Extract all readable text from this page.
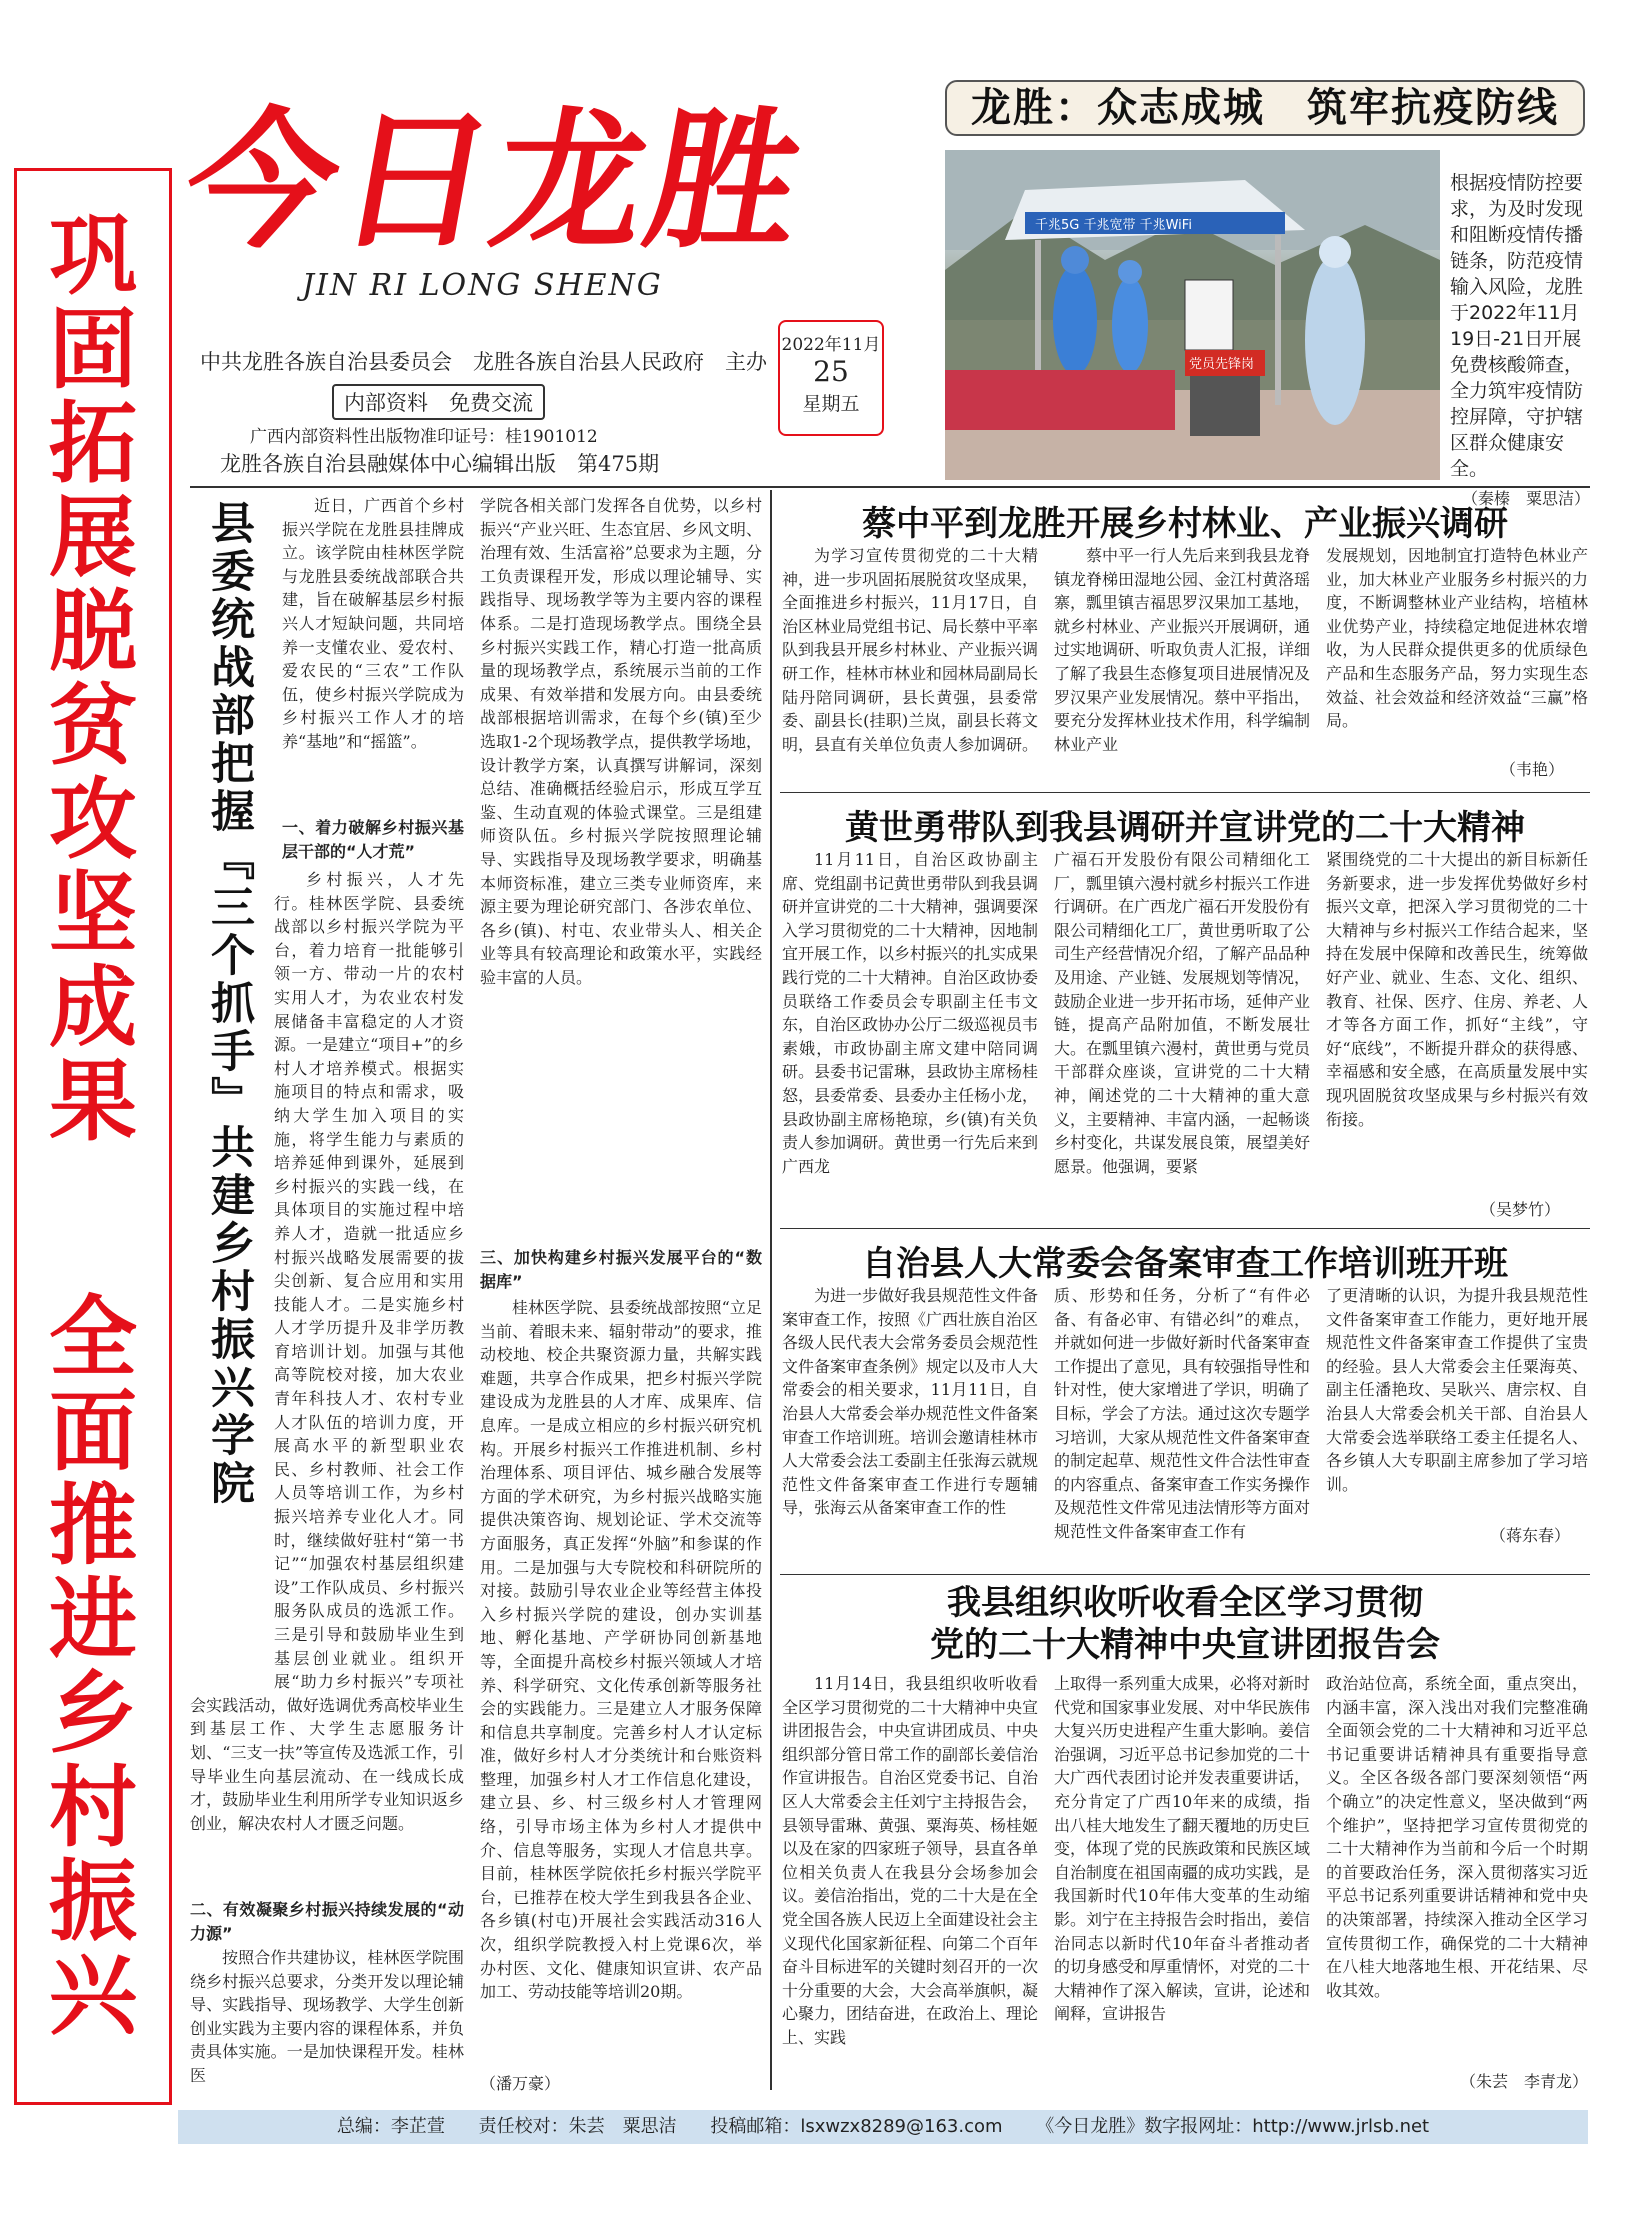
巩固拓展脱贫攻坚成果
全面推进乡村振兴
今日龙胜
JIN RI LONG SHENG
中共龙胜各族自治县委员会　龙胜各族自治县人民政府　主办
内部资料　免费交流
广西内部资料性出版物准印证号：桂1901012
龙胜各族自治县融媒体中心编辑出版　第475期
2022年11月
25
星期五
龙胜：众志成城　筑牢抗疫防线
千兆5G 千兆宽带 千兆WiFi
党员先锋岗
根据疫情防控要求，为及时发现和阻断疫情传播链条，防范疫情输入风险，龙胜于2022年11月19日-21日开展免费核酸筛查，全力筑牢疫情防控屏障，守护辖区群众健康安全。
（秦榛　粟思洁）
县委统战部把握『三个抓手』共建乡村振兴学院	近日，广西首个乡村振兴学院在龙胜县挂牌成立。该学院由桂林医学院与龙胜县委统战部联合共建，旨在破解基层乡村振兴人才短缺问题，共同培养一支懂农业、爱农村、爱农民的“三农”工作队伍，使乡村振兴学院成为乡村振兴工作人才的培养“基地”和“摇篮”。
一、着力破解乡村振兴基层干部的“人才荒”
乡村振兴，人才先行。桂林医学院、县委统战部以乡村振兴学院为平台，着力培育一批能够引领一方、带动一片的农村实用人才，为农业农村发展储备丰富稳定的人才资源。一是建立“项目+”的乡村人才培养模式。根据实施项目的特点和需求，吸纳大学生加入项目的实施，将学生能力与素质的培养延伸到课外，延展到乡村振兴的实践一线，在具体项目的实施过程中培养人才，造就一批适应乡村振兴战略发展需要的拔尖创新、复合应用和实用技能人才。二是实施乡村人才学历提升及非学历教育培训计划。加强与其他高等院校对接，加大农业青年科技人才、农村专业人才队伍的培训力度，开展高水平的新型职业农民、乡村教师、社会工作人员等培训工作，为乡村振兴培养专业化人才。同时，继续做好驻村“第一书记”“加强农村基层组织建设”工作队成员、乡村振兴服务队成员的选派工作。三是引导和鼓励毕业生到基层创业就业。组织开展“助力乡村振兴”专项社会实践活动，做好选调优秀高校毕业生到基层工作、大学生志愿服务计划、“三支一扶”等宣传及选派工作，引导毕业生向基层流动、在一线成长成才，鼓励毕业生利用所学专业知识返乡创业，解决农村人才匮乏问题。
二、有效凝聚乡村振兴持续发展的“动力源”
按照合作共建协议，桂林医学院围绕乡村振兴总要求，分类开发以理论辅导、实践指导、现场教学、大学生创新创业实践为主要内容的课程体系，并负责具体实施。一是加快课程开发。桂林医
学院各相关部门发挥各自优势，以乡村振兴“产业兴旺、生态宜居、乡风文明、治理有效、生活富裕”总要求为主题，分工负责课程开发，形成以理论辅导、实践指导、现场教学等为主要内容的课程体系。二是打造现场教学点。围绕全县乡村振兴实践工作，精心打造一批高质量的现场教学点，系统展示当前的工作成果、有效举措和发展方向。由县委统战部根据培训需求，在每个乡(镇)至少选取1-2个现场教学点，提供教学场地，设计教学方案，认真撰写讲解词，深刻总结、准确概括经验启示，形成互学互鉴、生动直观的体验式课堂。三是组建师资队伍。乡村振兴学院按照理论辅导、实践指导及现场教学要求，明确基本师资标准，建立三类专业师资库，来源主要为理论研究部门、各涉农单位、各乡(镇)、村屯、农业带头人、相关企业等具有较高理论和政策水平，实践经验丰富的人员。
三、加快构建乡村振兴发展平台的“数据库”
桂林医学院、县委统战部按照“立足当前、着眼未来、辐射带动”的要求，推动校地、校企共聚资源力量，共解实践难题，共享合作成果，把乡村振兴学院建设成为龙胜县的人才库、成果库、信息库。一是成立相应的乡村振兴研究机构。开展乡村振兴工作推进机制、乡村治理体系、项目评估、城乡融合发展等方面的学术研究，为乡村振兴战略实施提供决策咨询、规划论证、学术交流等方面服务，真正发挥“外脑”和参谋的作用。二是加强与大专院校和科研院所的对接。鼓励引导农业企业等经营主体投入乡村振兴学院的建设，创办实训基地、孵化基地、产学研协同创新基地等，全面提升高校乡村振兴领域人才培养、科学研究、文化传承创新等服务社会的实践能力。三是建立人才服务保障和信息共享制度。完善乡村人才认定标准，做好乡村人才分类统计和台账资料整理，加强乡村人才工作信息化建设，建立县、乡、村三级乡村人才管理网络，引导市场主体为乡村人才提供中介、信息等服务，实现人才信息共享。目前，桂林医学院依托乡村振兴学院平台，已推荐在校大学生到我县各企业、各乡镇(村屯)开展社会实践活动316人次，组织学院教授入村上党课6次，举办村医、文化、健康知识宣讲、农产品加工、劳动技能等培训20期。
（潘万豪）
蔡中平到龙胜开展乡村林业、产业振兴调研
为学习宣传贯彻党的二十大精神，进一步巩固拓展脱贫攻坚成果，全面推进乡村振兴，11月17日，自治区林业局党组书记、局长蔡中平率队到我县开展乡村林业、产业振兴调研工作，桂林市林业和园林局副局长陆丹陪同调研，县长黄强，县委常委、副县长(挂职)兰岚，副县长蒋文明，县直有关单位负责人参加调研。
蔡中平一行人先后来到我县龙脊镇龙脊梯田湿地公园、金江村黄洛瑶寨，瓢里镇吉福思罗汉果加工基地，就乡村林业、产业振兴开展调研，通过实地调研、听取负责人汇报，详细了解了我县生态修复项目进展情况及罗汉果产业发展情况。蔡中平指出，要充分发挥林业技术作用，科学编制林业产业
发展规划，因地制宜打造特色林业产业，加大林业产业服务乡村振兴的力度，不断调整林业产业结构，培植林业优势产业，持续稳定地促进林农增收，为人民群众提供更多的优质绿色产品和生态服务产品，努力实现生态效益、社会效益和经济效益“三赢”格局。
（韦艳）
黄世勇带队到我县调研并宣讲党的二十大精神
11月11日，自治区政协副主席、党组副书记黄世勇带队到我县调研并宣讲党的二十大精神，强调要深入学习贯彻党的二十大精神，因地制宜开展工作，以乡村振兴的扎实成果践行党的二十大精神。自治区政协委员联络工作委员会专职副主任韦文东，自治区政协办公厅二级巡视员韦素娥，市政协副主席文建中陪同调研。县委书记雷琳，县政协主席杨桂怒，县委常委、县委办主任杨小龙，县政协副主席杨艳琼，乡(镇)有关负责人参加调研。黄世勇一行先后来到广西龙
广福石开发股份有限公司精细化工厂，瓢里镇六漫村就乡村振兴工作进行调研。在广西龙广福石开发股份有限公司精细化工厂，黄世勇听取了公司生产经营情况介绍，了解产品品种及用途、产业链、发展规划等情况，鼓励企业进一步开拓市场，延伸产业链，提高产品附加值，不断发展壮大。在瓢里镇六漫村，黄世勇与党员干部群众座谈，宣讲党的二十大精神，阐述党的二十大精神的重大意义，主要精神、丰富内涵，一起畅谈乡村变化，共谋发展良策，展望美好愿景。他强调，要紧
紧围绕党的二十大提出的新目标新任务新要求，进一步发挥优势做好乡村振兴文章，把深入学习贯彻党的二十大精神与乡村振兴工作结合起来，坚持在发展中保障和改善民生，统筹做好产业、就业、生态、文化、组织、教育、社保、医疗、住房、养老、人才等各方面工作，抓好“主线”，守好“底线”，不断提升群众的获得感、幸福感和安全感，在高质量发展中实现巩固脱贫攻坚成果与乡村振兴有效衔接。
（吴梦竹）
自治县人大常委会备案审查工作培训班开班
为进一步做好我县规范性文件备案审查工作，按照《广西壮族自治区各级人民代表大会常务委员会规范性文件备案审查条例》规定以及市人大常委会的相关要求，11月11日，自治县人大常委会举办规范性文件备案审查工作培训班。培训会邀请桂林市人大常委会法工委副主任张海云就规范性文件备案审查工作进行专题辅导，张海云从备案审查工作的性
质、形势和任务，分析了“有件必备、有备必审、有错必纠”的难点，并就如何进一步做好新时代备案审查工作提出了意见，具有较强指导性和针对性，使大家增进了学识，明确了目标，学会了方法。通过这次专题学习培训，大家从规范性文件备案审查的制定起草、规范性文件合法性审查的内容重点、备案审查工作实务操作及规范性文件常见违法情形等方面对规范性文件备案审查工作有
了更清晰的认识，为提升我县规范性文件备案审查工作能力，更好地开展规范性文件备案审查工作提供了宝贵的经验。县人大常委会主任粟海英、副主任潘艳玫、吴耿兴、唐宗权、自治县人大常委会机关干部、自治县人大常委会选举联络工委主任提名人、各乡镇人大专职副主席参加了学习培训。
（蒋东春）
我县组织收听收看全区学习贯彻
党的二十大精神中央宣讲团报告会
11月14日，我县组织收听收看全区学习贯彻党的二十大精神中央宣讲团报告会，中央宣讲团成员、中央组织部分管日常工作的副部长姜信治作宣讲报告。自治区党委书记、自治区人大常委会主任刘宁主持报告会，县领导雷琳、黄强、粟海英、杨桂姬以及在家的四家班子领导，县直各单位相关负责人在我县分会场参加会议。姜信治指出，党的二十大是在全党全国各族人民迈上全面建设社会主义现代化国家新征程、向第二个百年奋斗目标进军的关键时刻召开的一次十分重要的大会，大会高举旗帜，凝心聚力，团结奋进，在政治上、理论上、实践
上取得一系列重大成果，必将对新时代党和国家事业发展、对中华民族伟大复兴历史进程产生重大影响。姜信治强调，习近平总书记参加党的二十大广西代表团讨论并发表重要讲话，充分肯定了广西10年来的成绩，指出八桂大地发生了翻天覆地的历史巨变，体现了党的民族政策和民族区域自治制度在祖国南疆的成功实践，是我国新时代10年伟大变革的生动缩影。刘宁在主持报告会时指出，姜信治同志以新时代10年奋斗者推动者的切身感受和厚重情怀，对党的二十大精神作了深入解读，宣讲，论述和阐释，宣讲报告
政治站位高，系统全面，重点突出，内涵丰富，深入浅出对我们完整准确全面领会党的二十大精神和习近平总书记重要讲话精神具有重要指导意义。全区各级各部门要深刻领悟“两个确立”的决定性意义，坚决做到“两个维护”，坚持把学习宣传贯彻党的二十大精神作为当前和今后一个时期的首要政治任务，深入贯彻落实习近平总书记系列重要讲话精神和党中央的决策部署，持续深入推动全区学习宣传贯彻工作，确保党的二十大精神在八桂大地落地生根、开花结果、尽收其效。
（朱芸　李青龙）
总编：李芷萱 责任校对：朱芸　粟思洁 投稿邮箱：lsxwzx8289@163.com 《今日龙胜》数字报网址：http://www.jrlsb.net
